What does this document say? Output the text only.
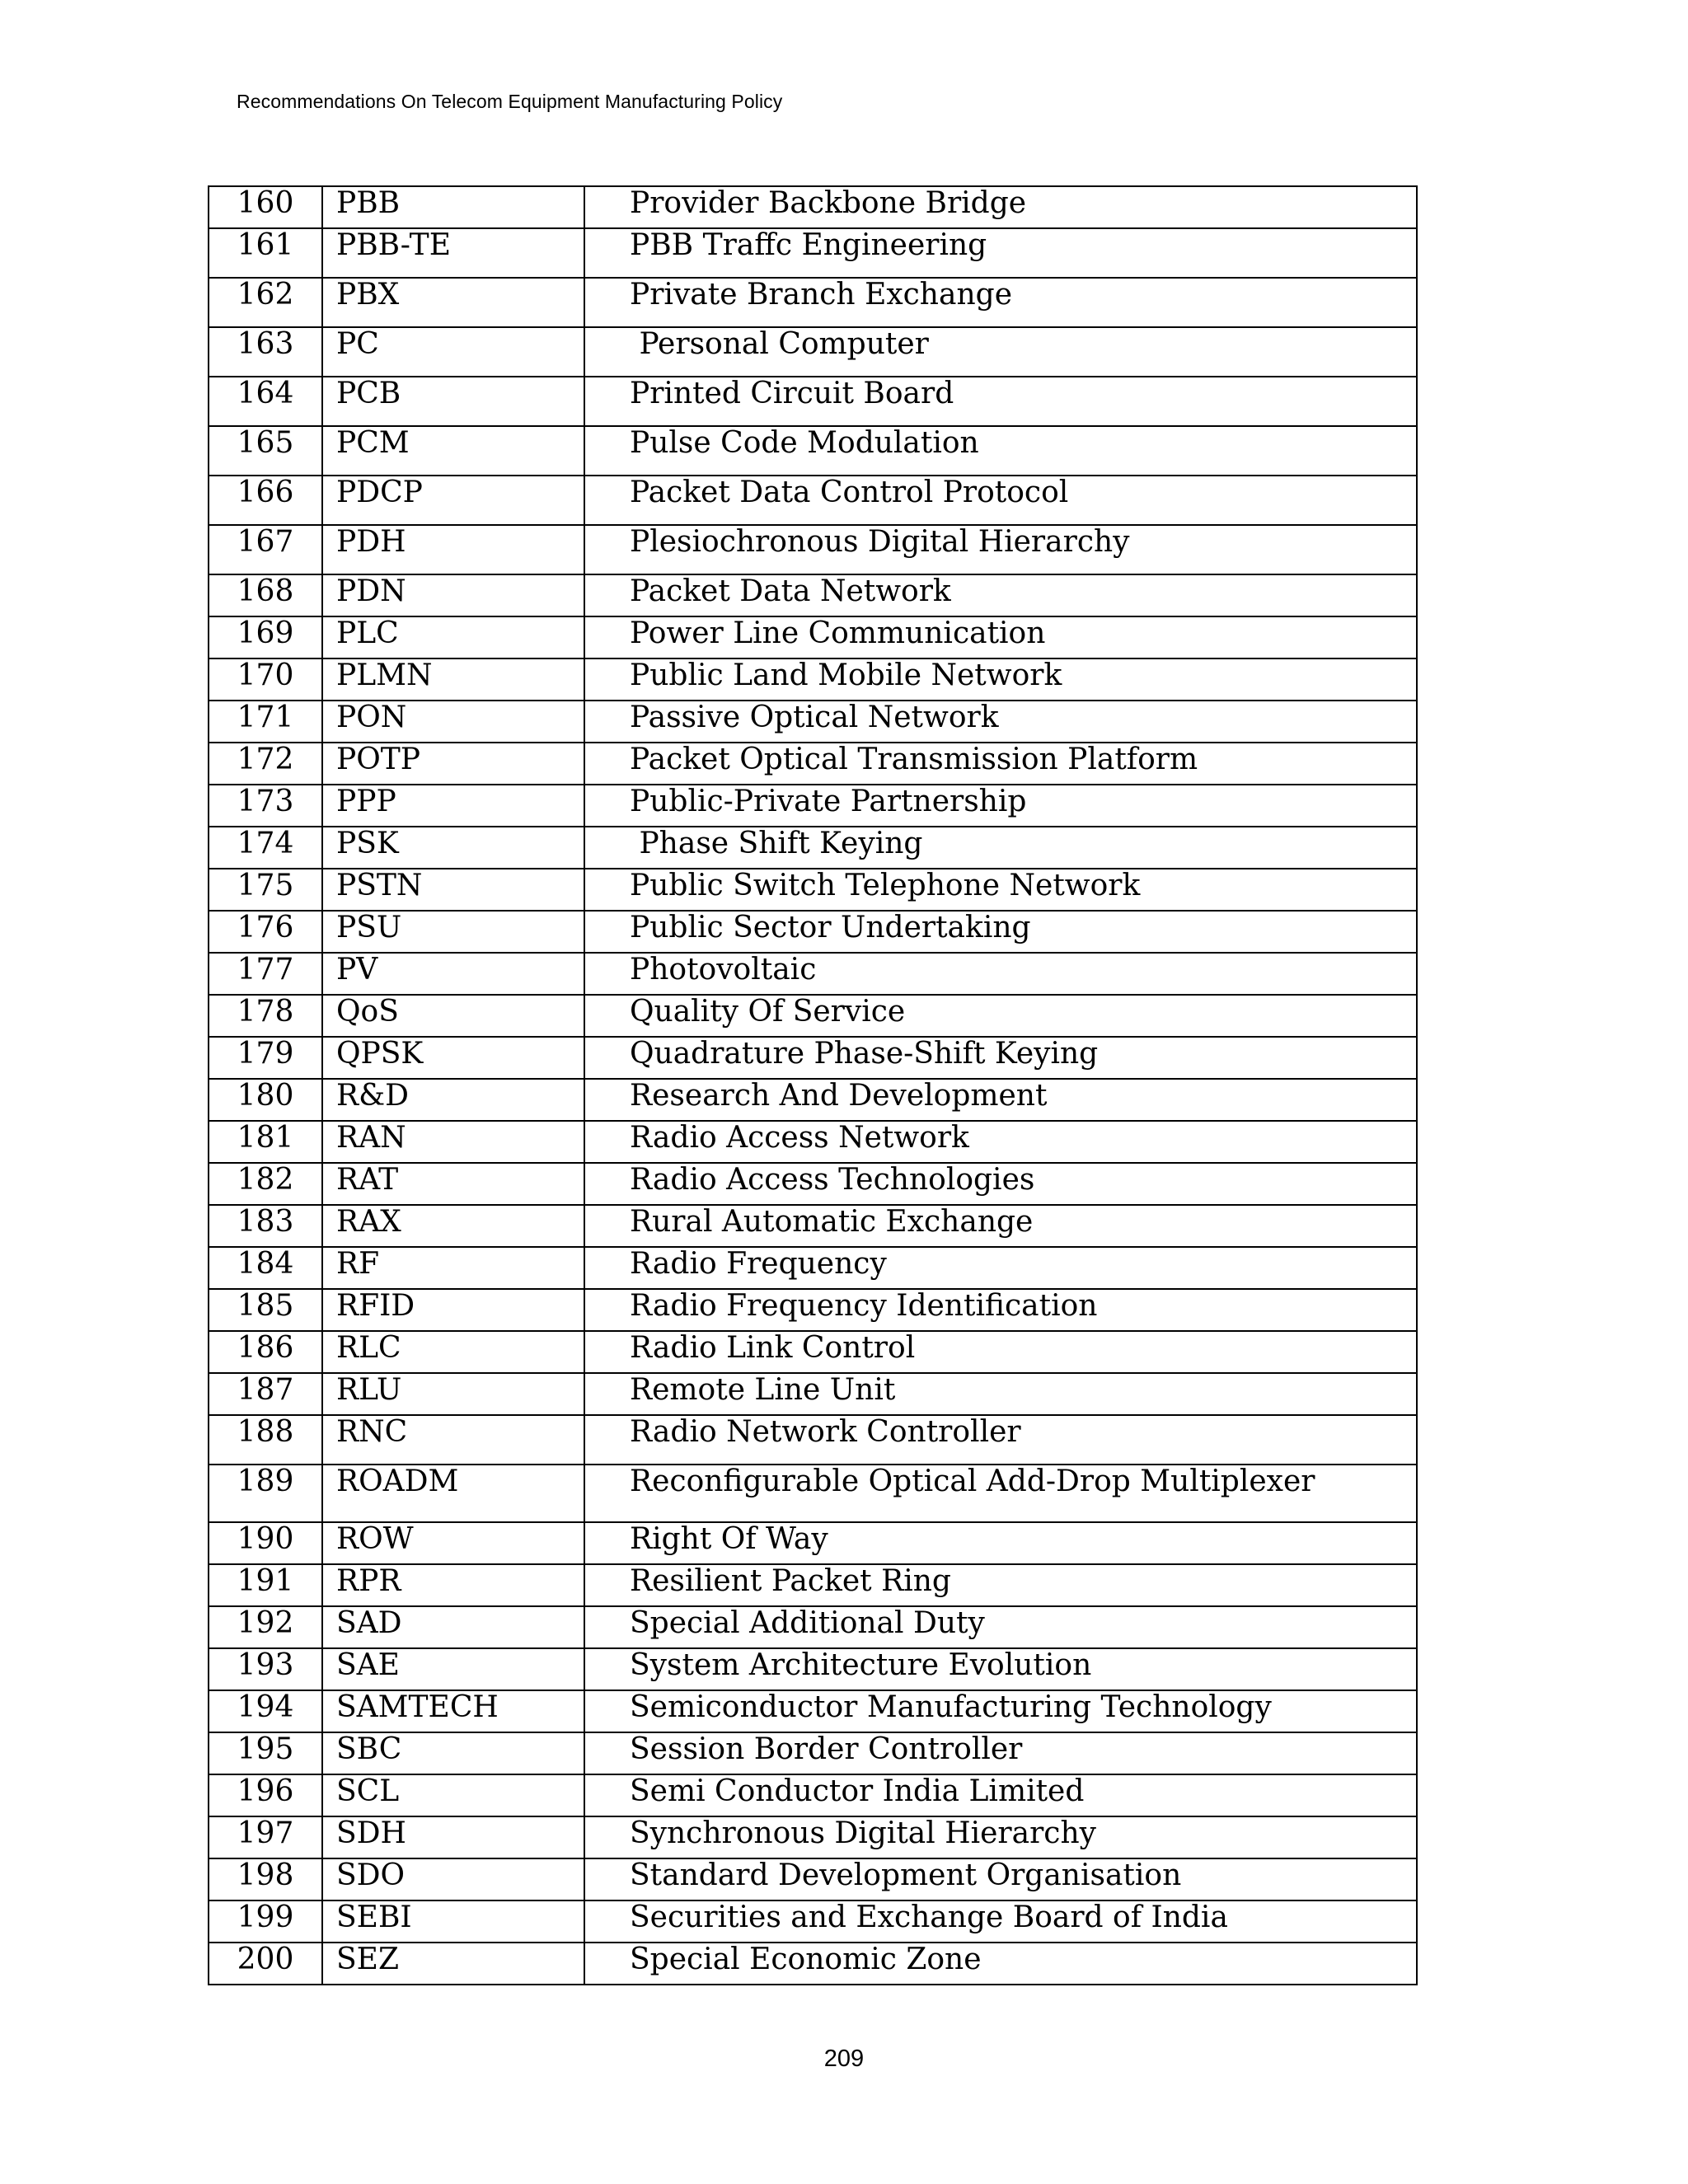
Recommendations On Telecom Equipment Manufacturing Policy
160	PBB	Provider Backbone Bridge
161	PBB-TE	PBB Traffc Engineering
162	PBX	Private Branch Exchange
163	PC	Personal Computer
164	PCB	Printed Circuit Board
165	PCM	Pulse Code Modulation
166	PDCP	Packet Data Control Protocol
167	PDH	Plesiochronous Digital Hierarchy
168	PDN	Packet Data Network
169	PLC	Power Line Communication
170	PLMN	Public Land Mobile Network
171	PON	Passive Optical Network
172	POTP	Packet Optical Transmission Platform
173	PPP	Public-Private Partnership
174	PSK	Phase Shift Keying
175	PSTN	Public Switch Telephone Network
176	PSU	Public Sector Undertaking
177	PV	Photovoltaic
178	QoS	Quality Of Service
179	QPSK	Quadrature Phase-Shift Keying
180	R&D	Research And Development
181	RAN	Radio Access Network
182	RAT	Radio Access Technologies
183	RAX	Rural Automatic Exchange
184	RF	Radio Frequency
185	RFID	Radio Frequency Identification
186	RLC	Radio Link Control
187	RLU	Remote Line Unit
188	RNC	Radio Network Controller
189	ROADM	Reconfigurable Optical Add-Drop Multiplexer
190	ROW	Right Of Way
191	RPR	Resilient Packet Ring
192	SAD	Special Additional Duty
193	SAE	System Architecture Evolution
194	SAMTECH	Semiconductor Manufacturing Technology
195	SBC	Session Border Controller
196	SCL	Semi Conductor India Limited
197	SDH	Synchronous Digital Hierarchy
198	SDO	Standard Development Organisation
199	SEBI	Securities and Exchange Board of India
200	SEZ	Special Economic Zone
209
